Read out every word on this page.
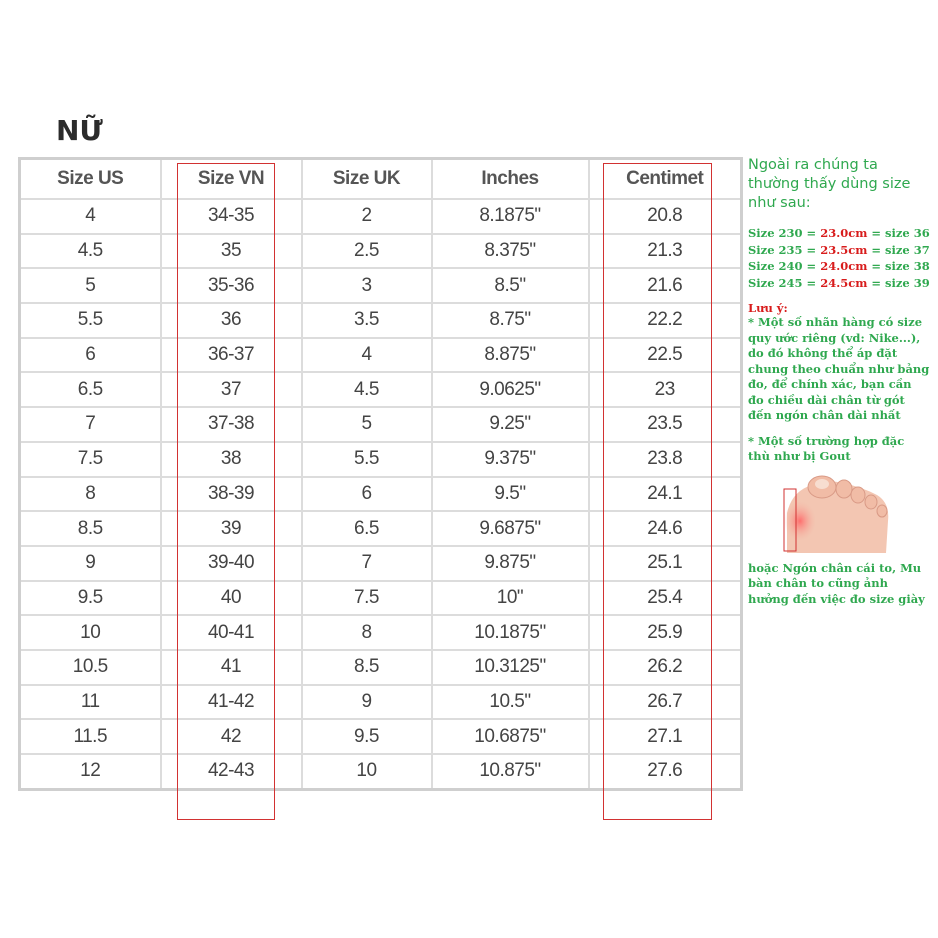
NỮ
Size US	Size VN	Size UK	Inches	Centimet
4	34-35	2	8.1875"	20.8
4.5	35	2.5	8.375"	21.3
5	35-36	3	8.5"	21.6
5.5	36	3.5	8.75"	22.2
6	36-37	4	8.875"	22.5
6.5	37	4.5	9.0625"	23
7	37-38	5	9.25"	23.5
7.5	38	5.5	9.375"	23.8
8	38-39	6	9.5"	24.1
8.5	39	6.5	9.6875"	24.6
9	39-40	7	9.875"	25.1
9.5	40	7.5	10"	25.4
10	40-41	8	10.1875"	25.9
10.5	41	8.5	10.3125"	26.2
11	41-42	9	10.5"	26.7
11.5	42	9.5	10.6875"	27.1
12	42-43	10	10.875"	27.6

Ngoài ra chúng ta thường thấy dùng size như sau:

Size 230 = 23.0cm = size 36
Size 235 = 23.5cm = size 37
Size 240 = 24.0cm = size 38
Size 245 = 24.5cm = size 39
Lưu ý:
* Một số nhãn hàng có size quy ước riêng (vd: Nike...), do đó không thể áp đặt chung theo chuẩn như bảng đo, để chính xác, bạn cần đo chiều dài chân từ gót đến ngón chân dài nhất
* Một số trường hợp đặc thù như bị Gout
hoặc Ngón chân cái to, Mu bàn chân to cũng ảnh hưởng đến việc đo size giày
